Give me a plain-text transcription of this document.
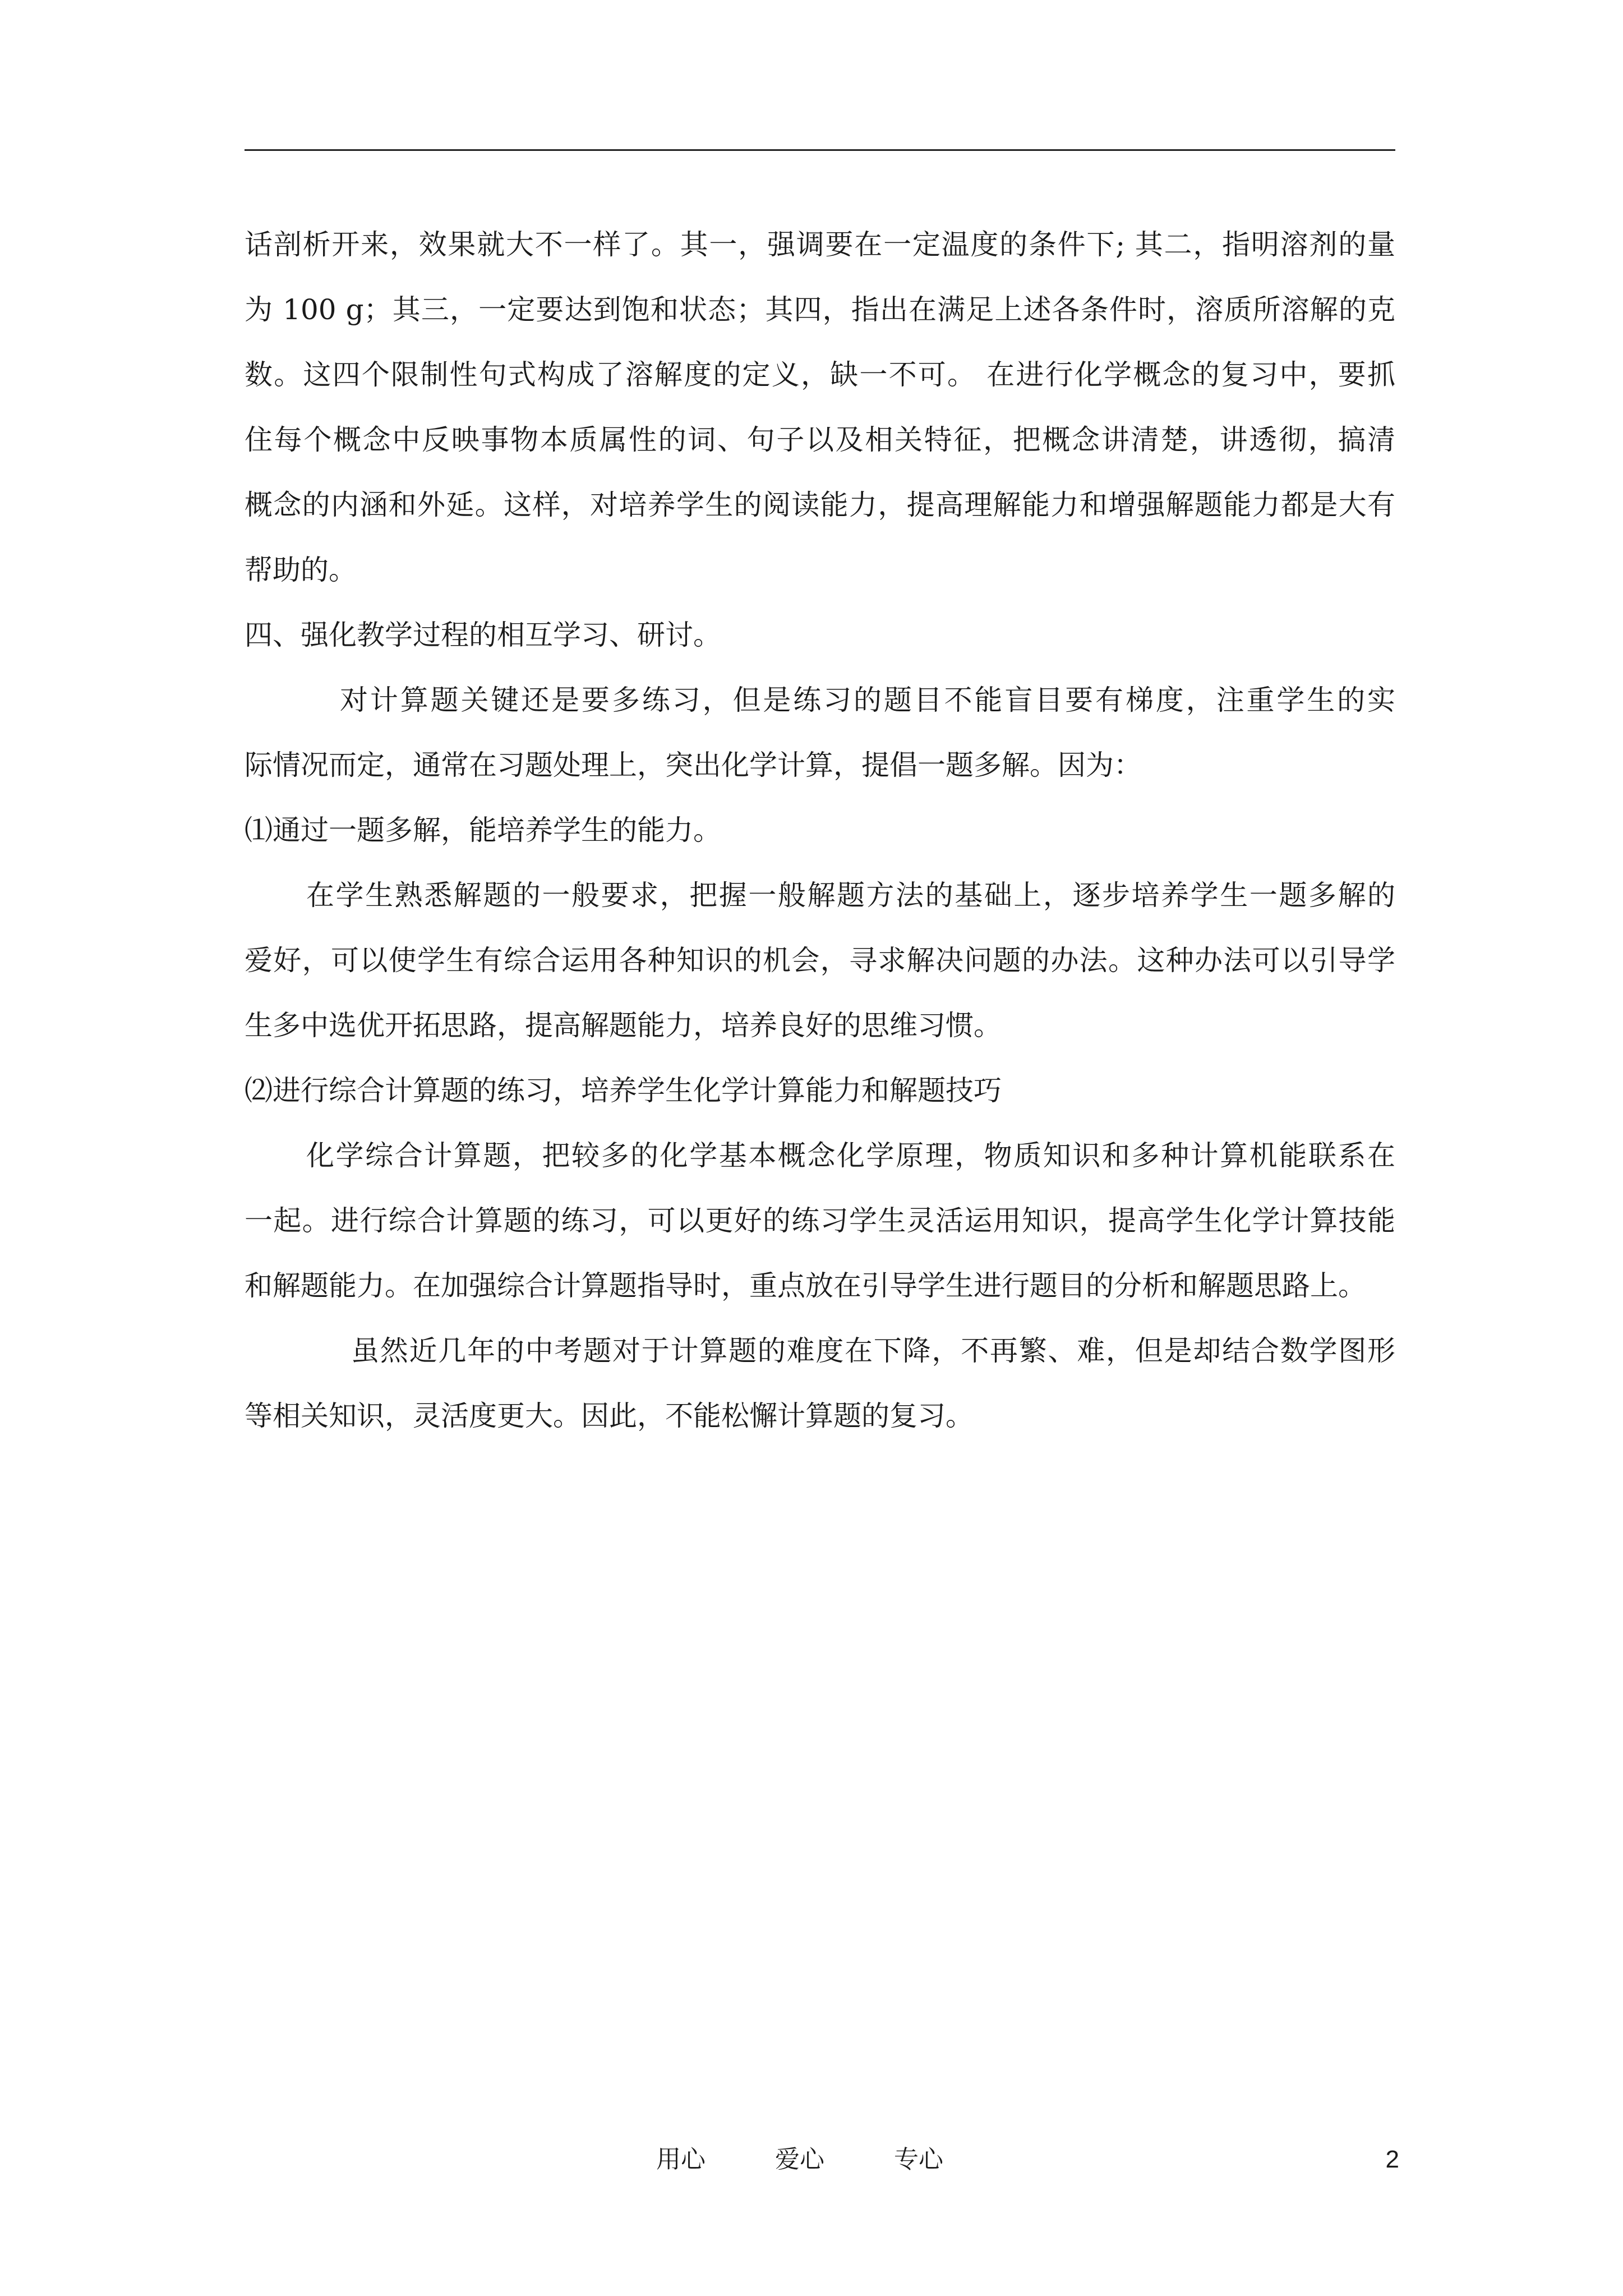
话剖析开来，效果就大不一样了。其一，强调要在一定温度的条件下; 其二，指明溶剂的量
为 100 g；其三，一定要达到饱和状态；其四，指出在满足上述各条件时，溶质所溶解的克
数。这四个限制性句式构成了溶解度的定义，缺一不可。 在进行化学概念的复习中，要抓
住每个概念中反映事物本质属性的词、句子以及相关特征，把概念讲清楚，讲透彻，搞清
概念的内涵和外延。这样，对培养学生的阅读能力，提高理解能力和增强解题能力都是大有
帮助的。
四、强化教学过程的相互学习、研讨。
对计算题关键还是要多练习，但是练习的题目不能盲目要有梯度，注重学生的实
际情况而定，通常在习题处理上，突出化学计算，提倡一题多解。因为：
⑴通过一题多解，能培养学生的能力。
在学生熟悉解题的一般要求，把握一般解题方法的基础上，逐步培养学生一题多解的
爱好，可以使学生有综合运用各种知识的机会，寻求解决问题的办法。这种办法可以引导学
生多中选优开拓思路，提高解题能力，培养良好的思维习惯。
⑵进行综合计算题的练习，培养学生化学计算能力和解题技巧
化学综合计算题，把较多的化学基本概念化学原理，物质知识和多种计算机能联系在
一起。进行综合计算题的练习，可以更好的练习学生灵活运用知识，提高学生化学计算技能
和解题能力。在加强综合计算题指导时，重点放在引导学生进行题目的分析和解题思路上。
虽然近几年的中考题对于计算题的难度在下降，不再繁、难，但是却结合数学图形
等相关知识，灵活度更大。因此，不能松懈计算题的复习。
用心	爱心	专心	2
